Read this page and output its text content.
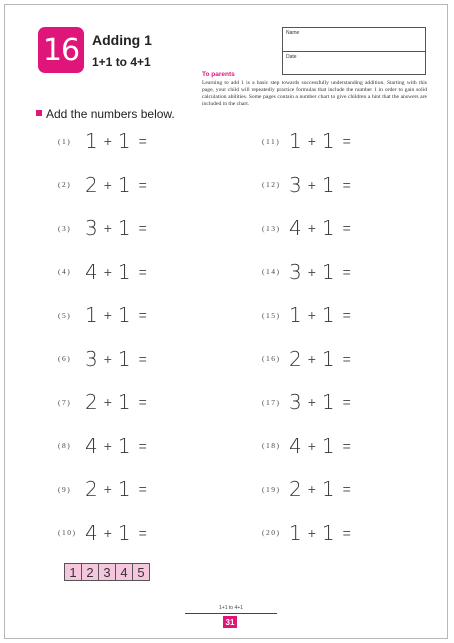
16 Adding 1
1+1 to 4+1
Name
Date
To parents
Learning to add 1 is a basic step towards successfully understanding addition. Starting with this page, your child will repeatedly practice formulas that include the number 1 in order to gain solid calculation abilities. Some pages contain a number chart to give children a hint that the answers are included in the chart.
Add the numbers below.
(1) 1 + 1 =
(2) 2 + 1 =
(3) 3 + 1 =
(4) 4 + 1 =
(5) 1 + 1 =
(6) 3 + 1 =
(7) 2 + 1 =
(8) 4 + 1 =
(9) 2 + 1 =
(10) 4 + 1 =
(11) 1 + 1 =
(12) 3 + 1 =
(13) 4 + 1 =
(14) 3 + 1 =
(15) 1 + 1 =
(16) 2 + 1 =
(17) 3 + 1 =
(18) 4 + 1 =
(19) 2 + 1 =
(20) 1 + 1 =
1 2 3 4 5
1+1 to 4+1
31
